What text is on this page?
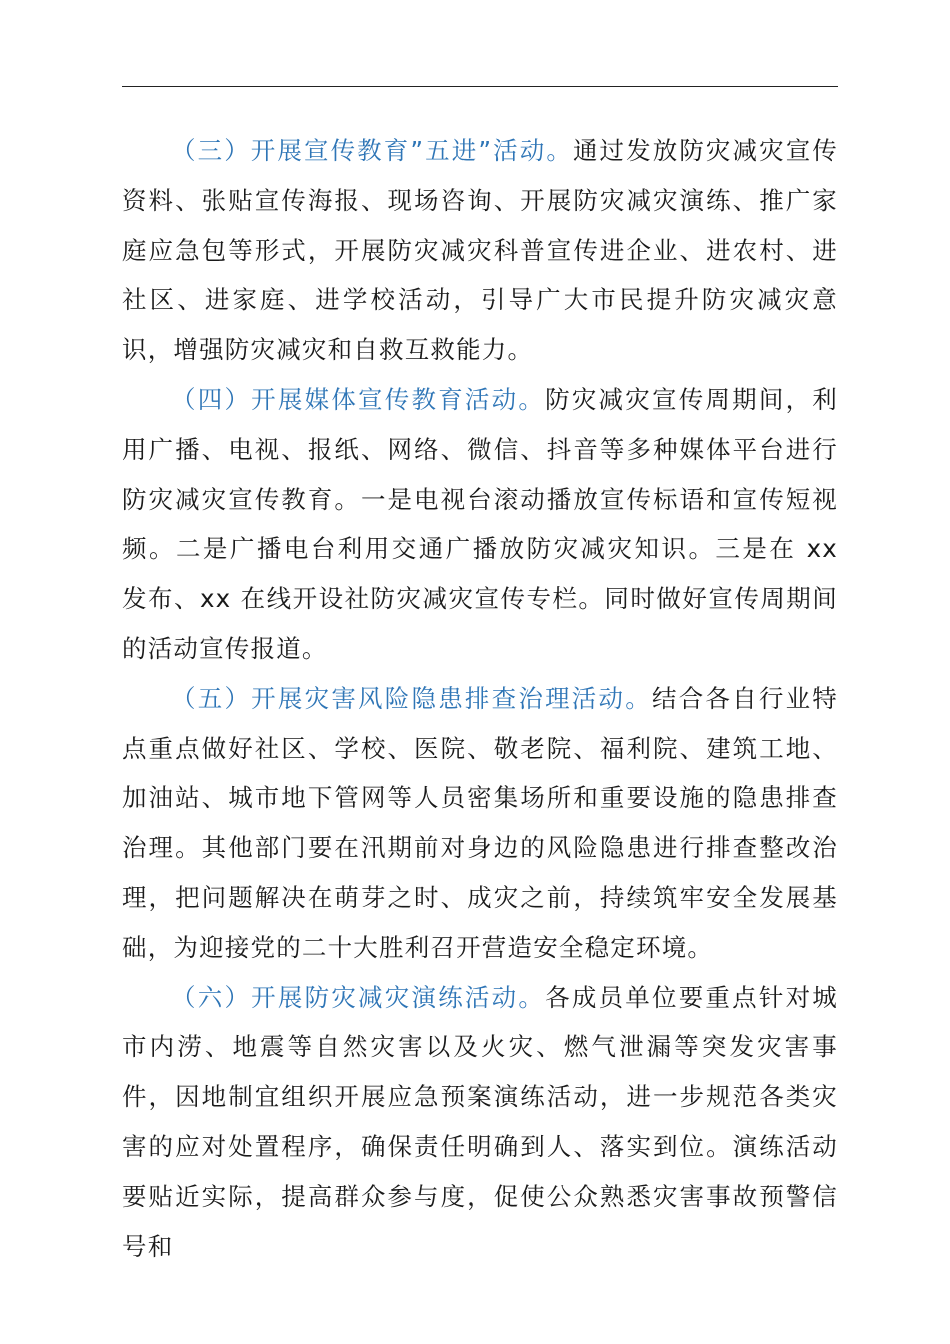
（三）开展宣传教育”五进”活动。通过发放防灾减灾宣传资料、张贴宣传海报、现场咨询、开展防灾减灾演练、推广家庭应急包等形式，开展防灾减灾科普宣传进企业、进农村、进社区、进家庭、进学校活动，引导广大市民提升防灾减灾意识，增强防灾减灾和自救互救能力。

（四）开展媒体宣传教育活动。防灾减灾宣传周期间，利用广播、电视、报纸、网络、微信、抖音等多种媒体平台进行防灾减灾宣传教育。一是电视台滚动播放宣传标语和宣传短视频。二是广播电台利用交通广播放防灾减灾知识。三是在 xx 发布、xx 在线开设社防灾减灾宣传专栏。同时做好宣传周期间的活动宣传报道。

（五）开展灾害风险隐患排查治理活动。结合各自行业特点重点做好社区、学校、医院、敬老院、福利院、建筑工地、加油站、城市地下管网等人员密集场所和重要设施的隐患排查治理。其他部门要在汛期前对身边的风险隐患进行排查整改治理，把问题解决在萌芽之时、成灾之前，持续筑牢安全发展基础，为迎接党的二十大胜利召开营造安全稳定环境。

（六）开展防灾减灾演练活动。各成员单位要重点针对城市内涝、地震等自然灾害以及火灾、燃气泄漏等突发灾害事件，因地制宜组织开展应急预案演练活动，进一步规范各类灾害的应对处置程序，确保责任明确到人、落实到位。演练活动要贴近实际，提高群众参与度，促使公众熟悉灾害事故预警信号和
